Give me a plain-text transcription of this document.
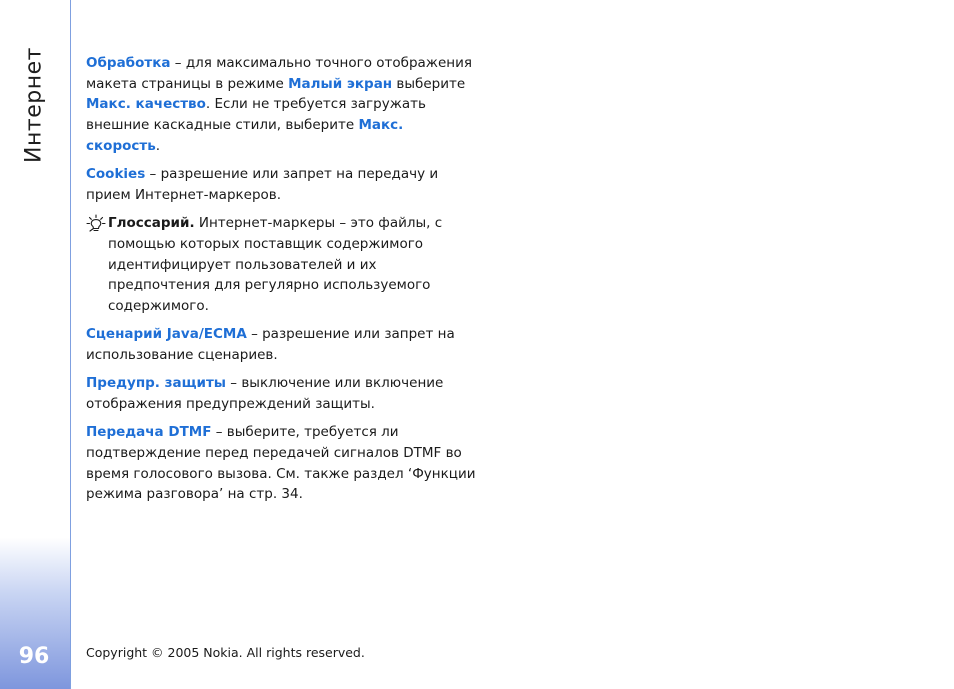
Интернет
96

Обработка – для максимально точного отображения макета страницы в режиме Малый экран выберите Макс. качество. Если не требуется загружать внешние каскадные стили, выберите Макс. скорость.

Cookies – разрешение или запрет на передачу и прием Интернет-маркеров.

Глоссарий. Интернет-маркеры – это файлы, с помощью которых поставщик содержимого идентифицирует пользователей и их предпочтения для регулярно используемого содержимого.

Сценарий Java/ECMA – разрешение или запрет на использование сценариев.

Предупр. защиты – выключение или включение отображения предупреждений защиты.

Передача DTMF – выберите, требуется ли подтверждение перед передачей сигналов DTMF во время голосового вызова. См. также раздел ‘Функции режима разговора’ на стр. 34.

Copyright © 2005 Nokia. All rights reserved.
